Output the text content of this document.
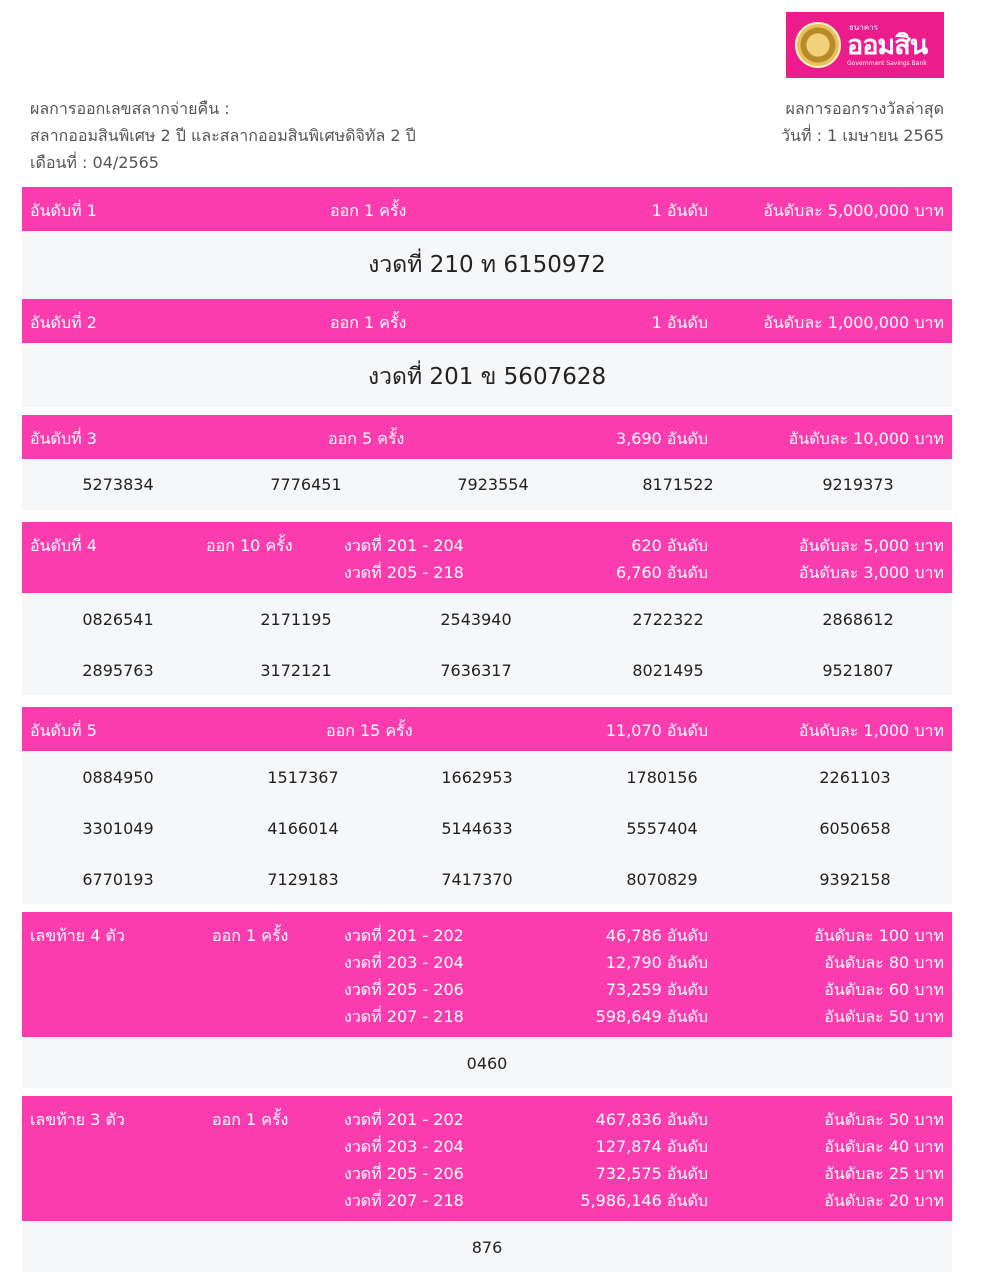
ธนาคาร
ออมสิน
Government Savings Bank
ผลการออกเลขสลากจ่ายคืน :
สลากออมสินพิเศษ 2 ปี และสลากออมสินพิเศษดิจิทัล 2 ปี
เดือนที่ : 04/2565
ผลการออกรางวัลล่าสุด
วันที่ : 1 เมษายน 2565
อันดับที่ 1	ออก 1 ครั้ง	1 อันดับ	อันดับละ 5,000,000 บาท
งวดที่ 210 ท 6150972
อันดับที่ 2	ออก 1 ครั้ง	1 อันดับ	อันดับละ 1,000,000 บาท
งวดที่ 201 ข 5607628
อันดับที่ 3	ออก 5 ครั้ง	3,690 อันดับ	อันดับละ 10,000 บาท
5273834	7776451	7923554	8171522	9219373
อันดับที่ 4	ออก 10 ครั้ง	งวดที่ 201 - 204	620 อันดับ	อันดับละ 5,000 บาท
งวดที่ 205 - 218	6,760 อันดับ	อันดับละ 3,000 บาท
0826541	2171195	2543940	2722322	2868612
2895763	3172121	7636317	8021495	9521807
อันดับที่ 5	ออก 15 ครั้ง	11,070 อันดับ	อันดับละ 1,000 บาท
0884950	1517367	1662953	1780156	2261103
3301049	4166014	5144633	5557404	6050658
6770193	7129183	7417370	8070829	9392158
เลขท้าย 4 ตัว	ออก 1 ครั้ง	งวดที่ 201 - 202	46,786 อันดับ	อันดับละ 100 บาท
งวดที่ 203 - 204	12,790 อันดับ	อันดับละ 80 บาท
งวดที่ 205 - 206	73,259 อันดับ	อันดับละ 60 บาท
งวดที่ 207 - 218	598,649 อันดับ	อันดับละ 50 บาท
0460
เลขท้าย 3 ตัว	ออก 1 ครั้ง	งวดที่ 201 - 202	467,836 อันดับ	อันดับละ 50 บาท
งวดที่ 203 - 204	127,874 อันดับ	อันดับละ 40 บาท
งวดที่ 205 - 206	732,575 อันดับ	อันดับละ 25 บาท
งวดที่ 207 - 218	5,986,146 อันดับ	อันดับละ 20 บาท
876
